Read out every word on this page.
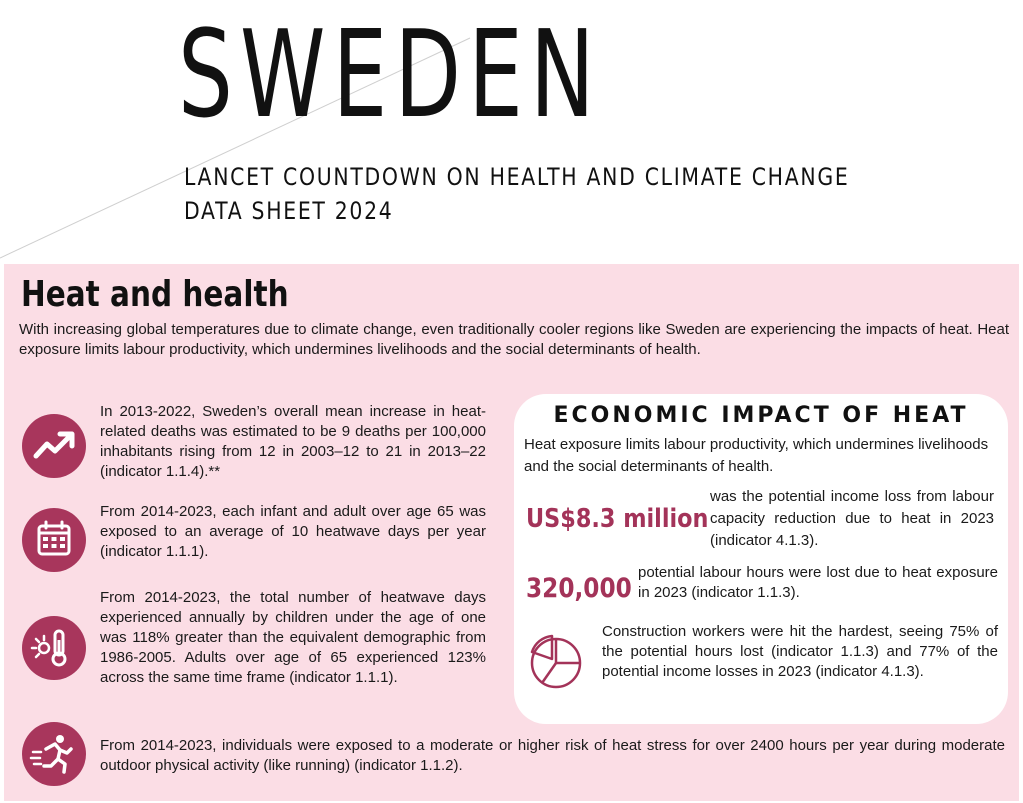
SWEDEN
LANCET COUNTDOWN ON HEALTH AND CLIMATE CHANGE
DATA SHEET 2024
Heat and health

With increasing global temperatures due to climate change, even traditionally cooler regions like Sweden are experiencing the impacts of heat. Heat exposure limits labour productivity, which undermines livelihoods and the social determinants of health.

In 2013-2022, Sweden’s overall mean increase in heat-related deaths was estimated to be 9 deaths per 100,000 inhabitants rising from 12 in 2003–12 to 21 in 2013–22 (indicator 1.1.4).**

From 2014-2023, each infant and adult over age 65 was exposed to an average of 10 heatwave days per year (indicator 1.1.1).

From 2014-2023, the total number of heatwave days experienced annually by children under the age of one was 118% greater than the equivalent demographic from 1986-2005. Adults over age of 65 experienced 123% across the same time frame (indicator 1.1.1).

From 2014-2023, individuals were exposed to a moderate or higher risk of heat stress for over 2400 hours per year during moderate outdoor physical activity (like running) (indicator 1.1.2).

ECONOMIC IMPACT OF HEAT

Heat exposure limits labour productivity, which undermines livelihoods and the social determinants of health.

US$8.3 million

was the potential income loss from labour capacity reduction due to heat in 2023 (indicator 4.1.3).

320,000

potential labour hours were lost due to heat exposure in 2023 (indicator 1.1.3).

Construction workers were hit the hardest, seeing 75% of the potential hours lost (indicator 1.1.3) and 77% of the potential income losses in 2023 (indicator 4.1.3).
